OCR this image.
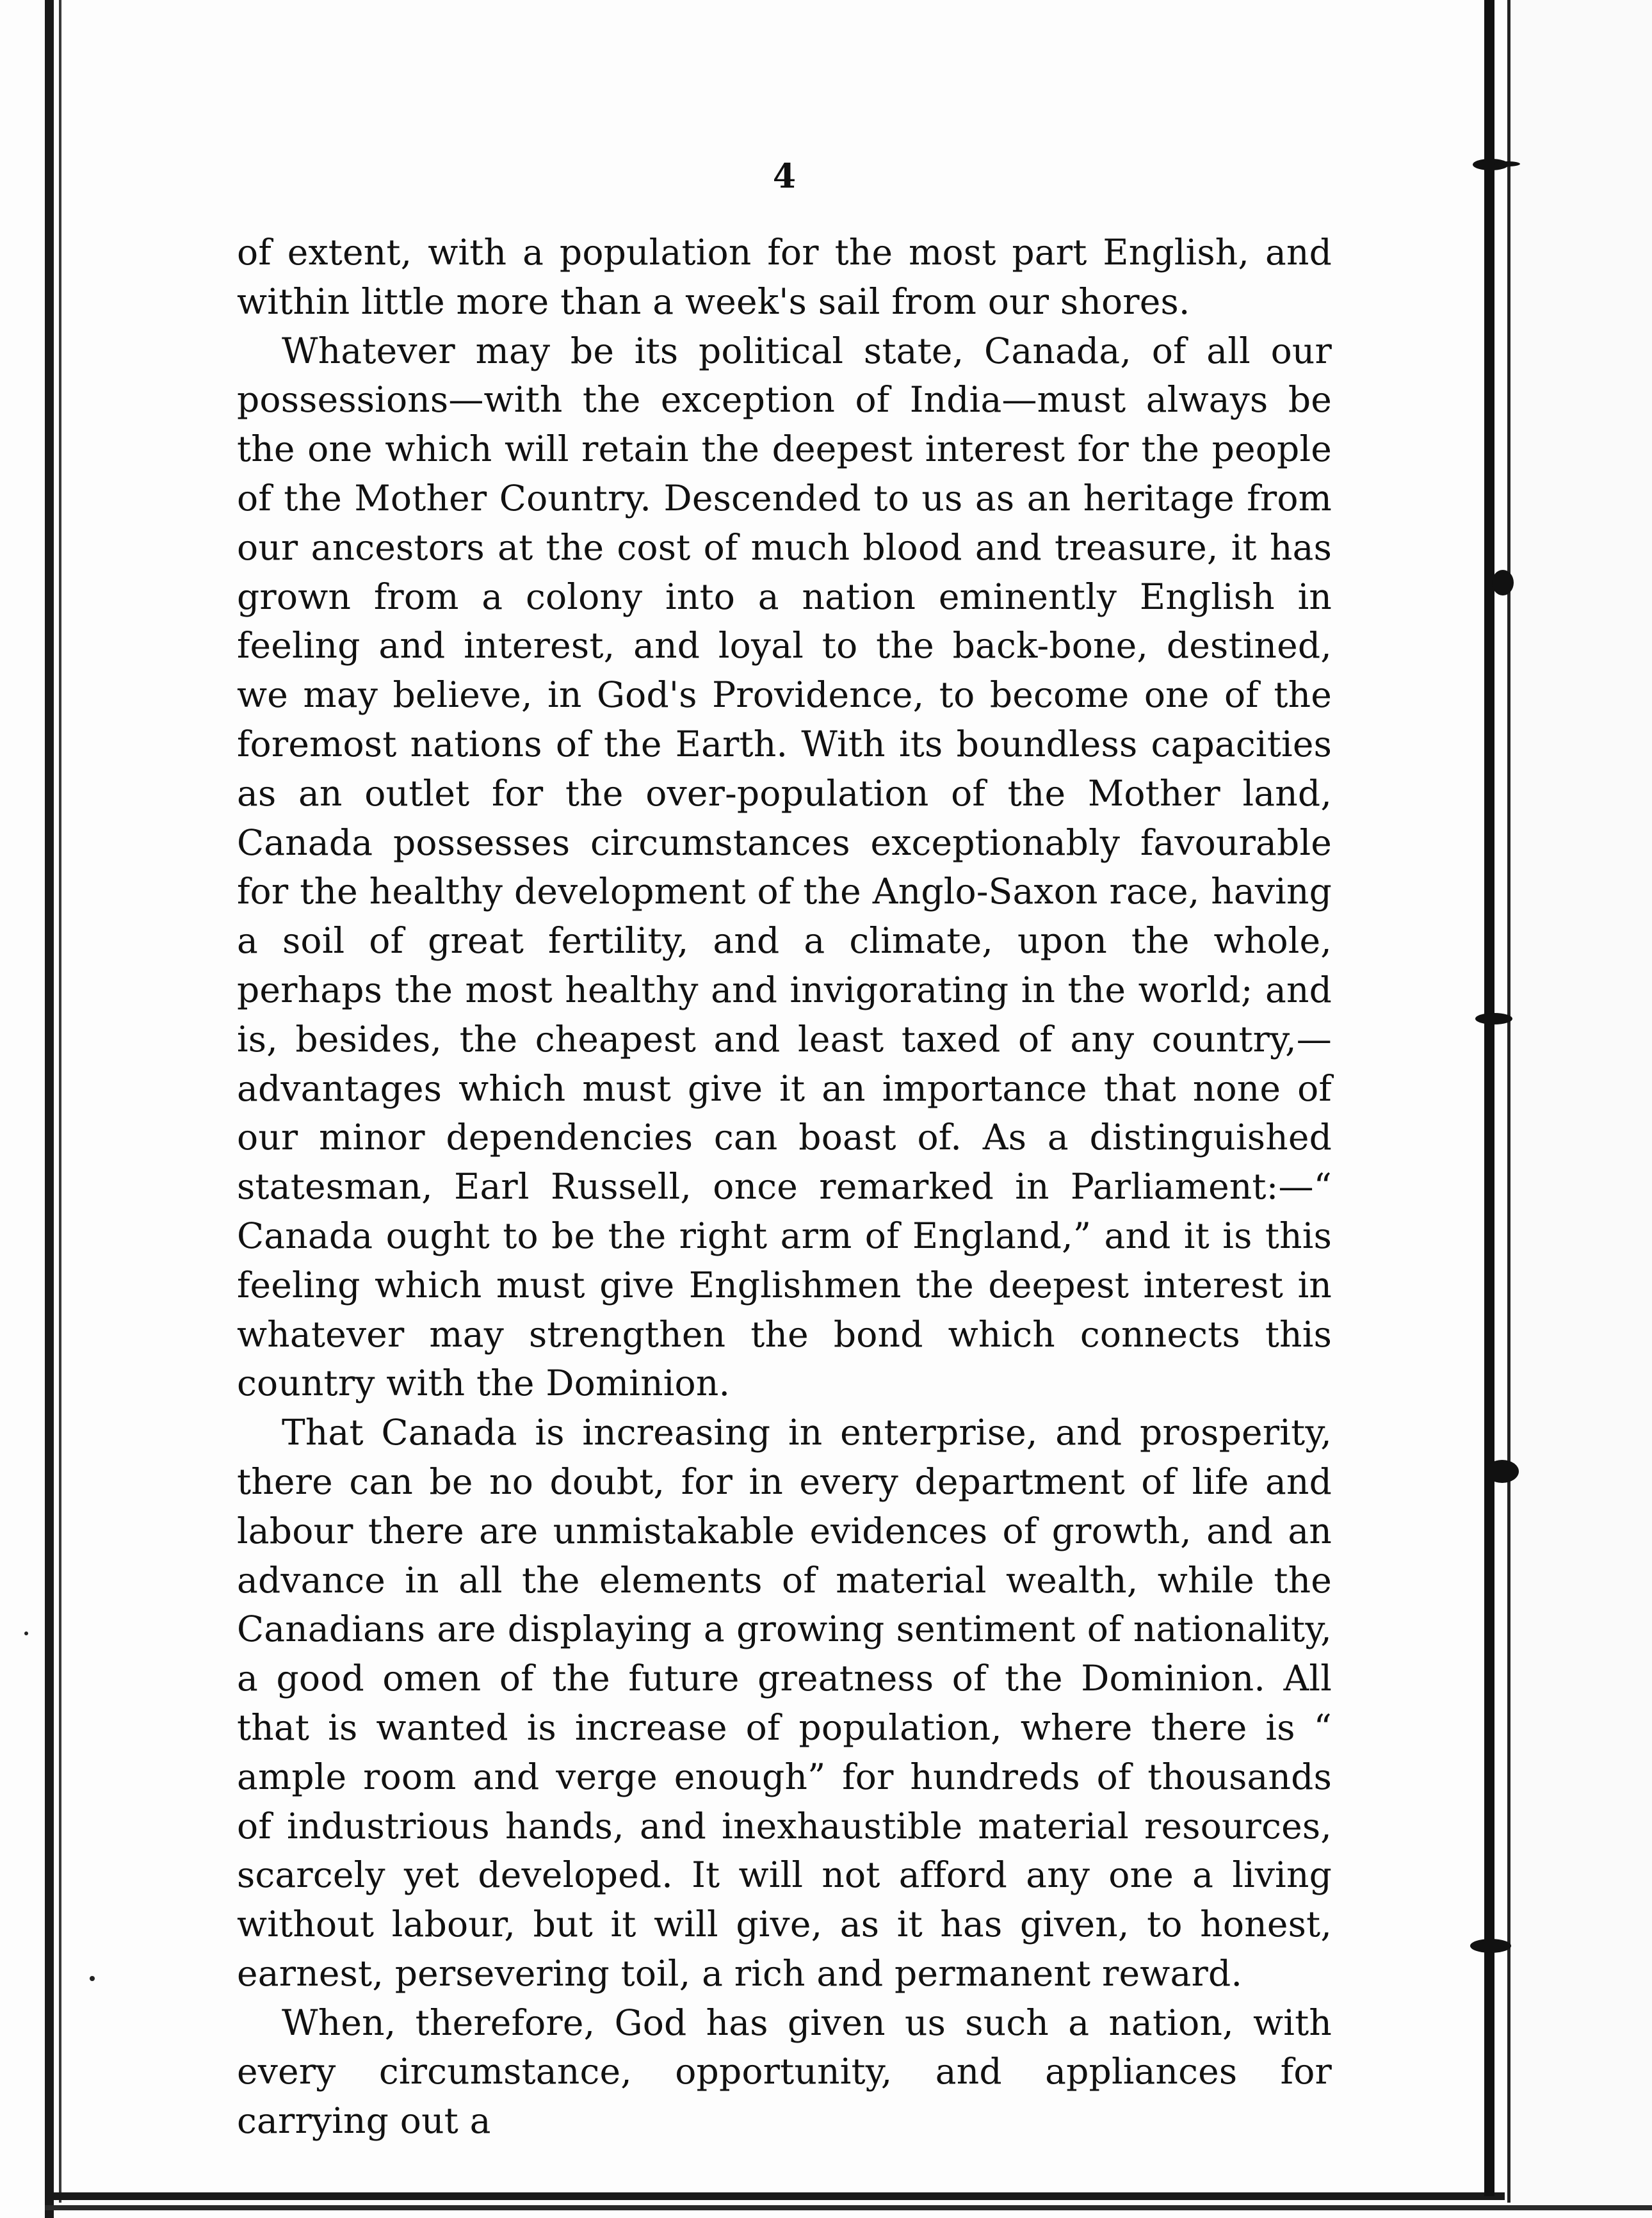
4

of extent, with a population for the most part English, and within little more than a week's sail from our shores.

Whatever may be its political state, Canada, of all our possessions—with the exception of India—must always be the one which will retain the deepest interest for the people of the Mother Country. Descended to us as an heritage from our ancestors at the cost of much blood and treasure, it has grown from a colony into a nation eminently English in feeling and interest, and loyal to the back-bone, destined, we may believe, in God's Providence, to become one of the foremost nations of the Earth. With its boundless capacities as an outlet for the over-population of the Mother land, Canada possesses circumstances exceptionably favourable for the healthy development of the Anglo-Saxon race, having a soil of great fertility, and a climate, upon the whole, perhaps the most healthy and invigorating in the world; and is, besides, the cheapest and least taxed of any country,—advantages which must give it an importance that none of our minor dependencies can boast of. As a distinguished statesman, Earl Russell, once remarked in Parliament:—“ Canada ought to be the right arm of England,” and it is this feeling which must give Englishmen the deepest interest in whatever may strengthen the bond which connects this country with the Dominion.

That Canada is increasing in enterprise, and prosperity, there can be no doubt, for in every department of life and labour there are unmistakable evidences of growth, and an advance in all the elements of material wealth, while the Canadians are displaying a growing sentiment of nationality, a good omen of the future greatness of the Dominion. All that is wanted is increase of population, where there is “ ample room and verge enough” for hundreds of thousands of industrious hands, and inexhaustible material resources, scarcely yet developed. It will not afford any one a living without labour, but it will give, as it has given, to honest, earnest, persevering toil, a rich and permanent reward.

When, therefore, God has given us such a nation, with every circumstance, opportunity, and appliances for carrying out a
